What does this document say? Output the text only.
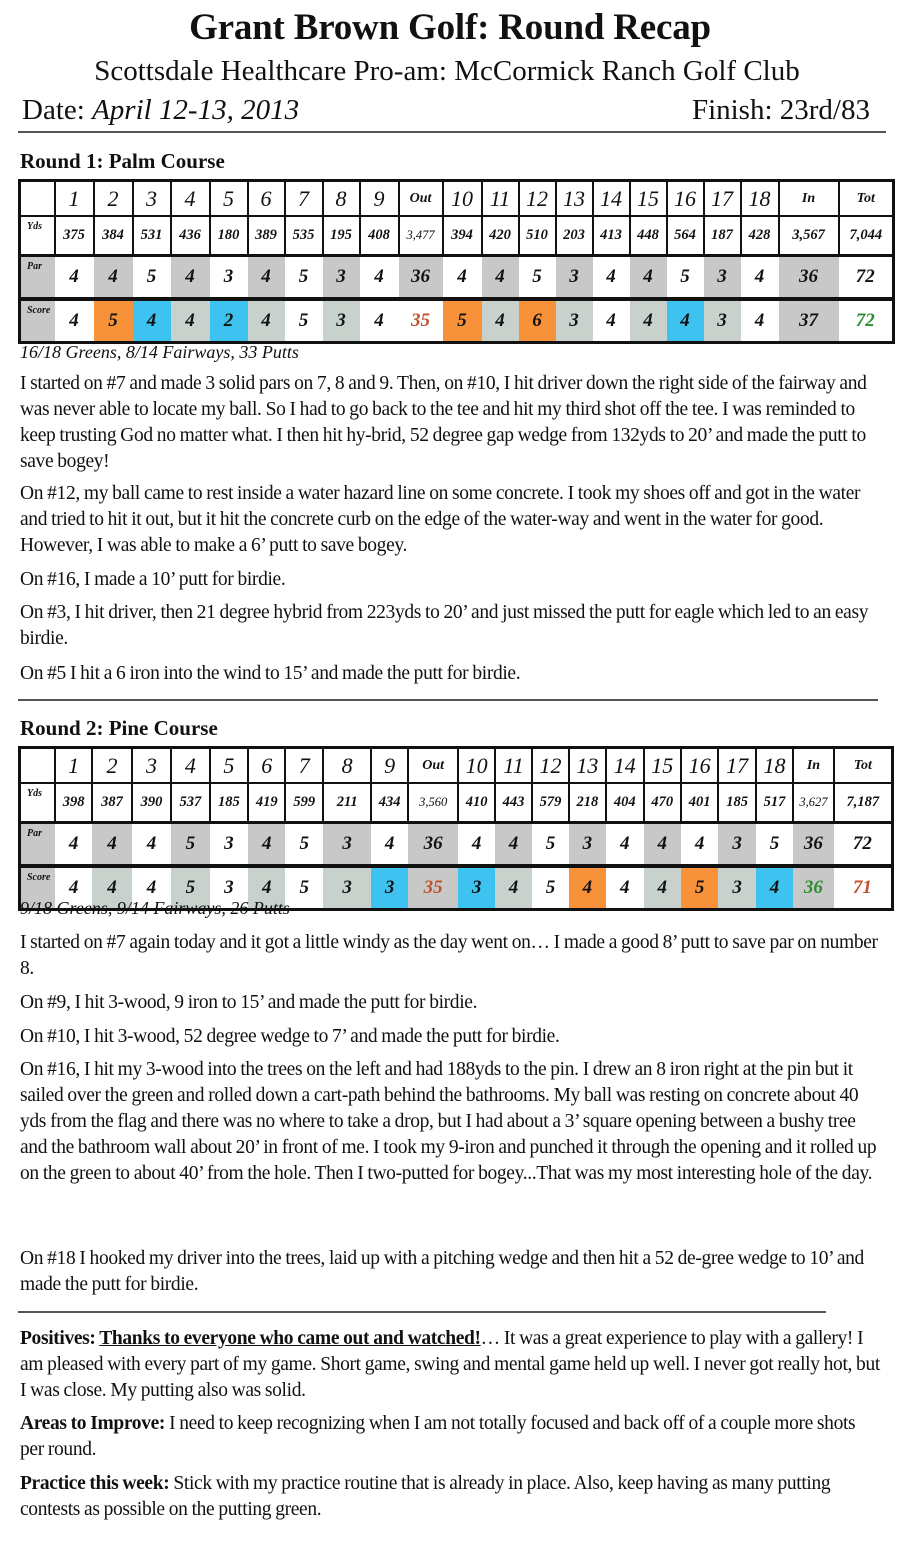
Grant Brown Golf: Round Recap
Scottsdale Healthcare Pro-am: McCormick Ranch Golf Club
Date: April 12-13, 2013	Finish: 23rd/83
Round 1: Palm Course
	1	2	3	4	5	6	7	8	9	Out	10	11	12	13	14	15	16	17	18	In	Tot
Yds	375	384	531	436	180	389	535	195	408	3,477	394	420	510	203	413	448	564	187	428	3,567	7,044
Par	4	4	5	4	3	4	5	3	4	36	4	4	5	3	4	4	5	3	4	36	72
Score	4	5	4	4	2	4	5	3	4	35	5	4	6	3	4	4	4	3	4	37	72
16/18 Greens, 8/14 Fairways, 33 Putts
I started on #7 and made 3 solid pars on 7, 8 and 9. Then, on #10, I hit driver down the right side of the fairway and was never able to locate my ball. So I had to go back to the tee and hit my third shot off the tee. I was reminded to keep trusting God no matter what. I then hit hy-brid, 52 degree gap wedge from 132yds to 20’ and made the putt to save bogey!
On #12, my ball came to rest inside a water hazard line on some concrete. I took my shoes off and got in the water and tried to hit it out, but it hit the concrete curb on the edge of the water-way and went in the water for good. However, I was able to make a 6’ putt to save bogey.
On #16, I made a 10’ putt for birdie.
On #3, I hit driver, then 21 degree hybrid from 223yds to 20’ and just missed the putt for eagle which led to an easy birdie.
On #5 I hit a 6 iron into the wind to 15’ and made the putt for birdie.
Round 2: Pine Course
	1	2	3	4	5	6	7	8	9	Out	10	11	12	13	14	15	16	17	18	In	Tot
Yds	398	387	390	537	185	419	599	211	434	3,560	410	443	579	218	404	470	401	185	517	3,627	7,187
Par	4	4	4	5	3	4	5	3	4	36	4	4	5	3	4	4	4	3	5	36	72
Score	4	4	4	5	3	4	5	3	3	35	3	4	5	4	4	4	5	3	4	36	71
9/18 Greens, 9/14 Fairways, 26 Putts
I started on #7 again today and it got a little windy as the day went on… I made a good 8’ putt to save par on number 8.
On #9, I hit 3-wood, 9 iron to 15’ and made the putt for birdie.
On #10, I hit 3-wood, 52 degree wedge to 7’ and made the putt for birdie.
On #16, I hit my 3-wood into the trees on the left and had 188yds to the pin. I drew an 8 iron right at the pin but it sailed over the green and rolled down a cart-path behind the bathrooms. My ball was resting on concrete about 40 yds from the flag and there was no where to take a drop, but I had about a 3’ square opening between a bushy tree and the bathroom wall about 20’ in front of me. I took my 9-iron and punched it through the opening and it rolled up on the green to about 40’ from the hole. Then I two-putted for bogey...That was my most interesting hole of the day.
On #18 I hooked my driver into the trees, laid up with a pitching wedge and then hit a 52 de-gree wedge to 10’ and made the putt for birdie.
Positives: Thanks to everyone who came out and watched!… It was a great experience to play with a gallery! I am pleased with every part of my game. Short game, swing and mental game held up well. I never got really hot, but I was close. My putting also was solid.
Areas to Improve: I need to keep recognizing when I am not totally focused and back off of a couple more shots per round.
Practice this week: Stick with my practice routine that is already in place. Also, keep having as many putting contests as possible on the putting green.
